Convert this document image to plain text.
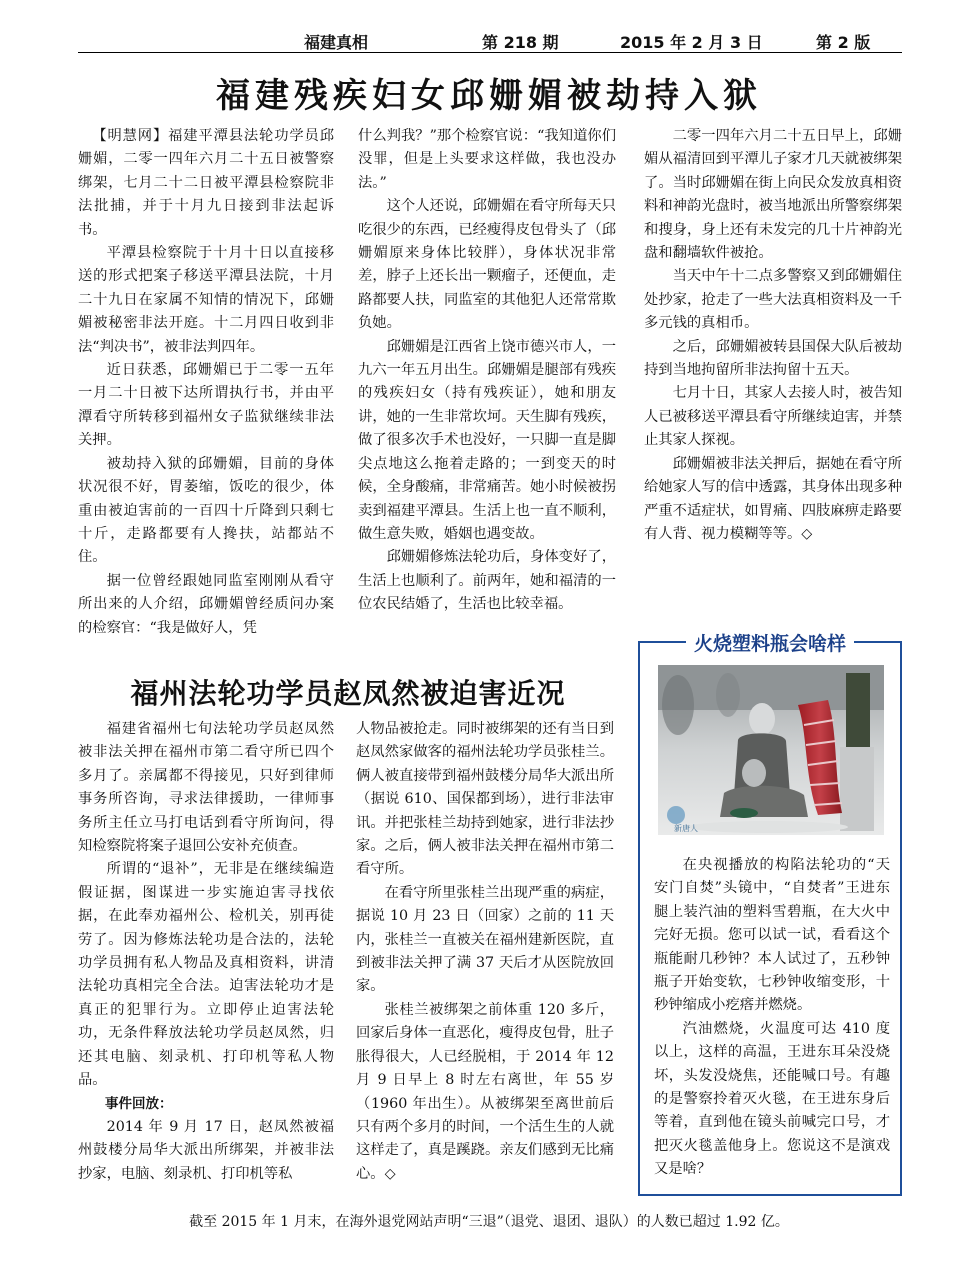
福建真相	第 218 期	2015 年 2 月 3 日	第 2 版
福建残疾妇女邱姗媚被劫持入狱

【明慧网】福建平潭县法轮功学员邱姗媚，二零一四年六月二十五日被警察绑架，七月二十二日被平潭县检察院非法批捕，并于十月九日接到非法起诉书。

平潭县检察院于十月十日以直接移送的形式把案子移送平潭县法院，十月二十九日在家属不知情的情况下，邱姗媚被秘密非法开庭。十二月四日收到非法“判决书”，被非法判四年。

近日获悉，邱姗媚已于二零一五年一月二十日被下达所谓执行书，并由平潭看守所转移到福州女子监狱继续非法关押。

被劫持入狱的邱姗媚，目前的身体状况很不好，胃萎缩，饭吃的很少，体重由被迫害前的一百四十斤降到只剩七十斤，走路都要有人搀扶，站都站不住。

据一位曾经跟她同监室刚刚从看守所出来的人介绍，邱姗媚曾经质问办案的检察官：“我是做好人，凭

什么判我？”那个检察官说：“我知道你们没罪，但是上头要求这样做，我也没办法。”

这个人还说，邱姗媚在看守所每天只吃很少的东西，已经瘦得皮包骨头了（邱姗媚原来身体比较胖），身体状况非常差，脖子上还长出一颗瘤子，还便血，走路都要人扶，同监室的其他犯人还常常欺负她。

邱姗媚是江西省上饶市德兴市人，一九六一年五月出生。邱姗媚是腿部有残疾的残疾妇女（持有残疾证），她和朋友讲，她的一生非常坎坷。天生脚有残疾，做了很多次手术也没好，一只脚一直是脚尖点地这么拖着走路的；一到变天的时候，全身酸痛，非常痛苦。她小时候被拐卖到福建平潭县。生活上也一直不顺利，做生意失败，婚姻也遇变故。

邱姗媚修炼法轮功后，身体变好了，生活上也顺利了。前两年，她和福清的一位农民结婚了，生活也比较幸福。

二零一四年六月二十五日早上，邱姗媚从福清回到平潭儿子家才几天就被绑架了。当时邱姗媚在街上向民众发放真相资料和神韵光盘时，被当地派出所警察绑架和搜身，身上还有未发完的几十片神韵光盘和翻墙软件被抢。

当天中午十二点多警察又到邱姗媚住处抄家，抢走了一些大法真相资料及一千多元钱的真相币。

之后，邱姗媚被转县国保大队后被劫持到当地拘留所非法拘留十五天。

七月十日，其家人去接人时，被告知人已被移送平潭县看守所继续迫害，并禁止其家人探视。

邱姗媚被非法关押后，据她在看守所给她家人写的信中透露，其身体出现多种严重不适症状，如胃痛、四肢麻痹走路要有人背、视力模糊等等。◇

福州法轮功学员赵凤然被迫害近况

福建省福州七旬法轮功学员赵凤然被非法关押在福州市第二看守所已四个多月了。亲属都不得接见，只好到律师事务所咨询，寻求法律援助，一律师事务所主任立马打电话到看守所询问，得知检察院将案子退回公安补充侦查。

所谓的“退补”，无非是在继续编造假证据，图谋进一步实施迫害寻找依据，在此奉劝福州公、检机关，别再徒劳了。因为修炼法轮功是合法的，法轮功学员拥有私人物品及真相资料，讲清法轮功真相完全合法。迫害法轮功才是真正的犯罪行为。立即停止迫害法轮功，无条件释放法轮功学员赵凤然，归还其电脑、刻录机、打印机等私人物品。

事件回放：

2014 年 9 月 17 日，赵凤然被福州鼓楼分局华大派出所绑架，并被非法抄家，电脑、刻录机、打印机等私

人物品被抢走。同时被绑架的还有当日到赵凤然家做客的福州法轮功学员张桂兰。俩人被直接带到福州鼓楼分局华大派出所（据说 610、国保都到场），进行非法审讯。并把张桂兰劫持到她家，进行非法抄家。之后，俩人被非法关押在福州市第二看守所。

在看守所里张桂兰出现严重的病症，据说 10 月 23 日（回家）之前的 11 天内，张桂兰一直被关在福州建新医院，直到被非法关押了满 37 天后才从医院放回家。

张桂兰被绑架之前体重 120 多斤，回家后身体一直恶化，瘦得皮包骨，肚子胀得很大，人已经脱相，于 2014 年 12 月 9 日早上 8 时左右离世，年 55 岁（1960 年出生）。从被绑架至离世前后只有两个多月的时间，一个活生生的人就这样走了，真是蹊跷。亲友们感到无比痛心。◇

火烧塑料瓶会啥样
新唐人

在央视播放的构陷法轮功的“天安门自焚”头镜中，“自焚者”王进东腿上装汽油的塑料雪碧瓶，在大火中完好无损。您可以试一试，看看这个瓶能耐几秒钟？本人试过了，五秒钟瓶子开始变软，七秒钟收缩变形，十秒钟缩成小疙瘩并燃烧。

汽油燃烧，火温度可达 410 度以上，这样的高温，王进东耳朵没烧坏，头发没烧焦，还能喊口号。有趣的是警察拎着灭火毯，在王进东身后等着，直到他在镜头前喊完口号，才把灭火毯盖他身上。您说这不是演戏又是啥？

截至 2015 年 1 月末，在海外退党网站声明“三退”（退党、退团、退队）的人数已超过 1.92 亿。
